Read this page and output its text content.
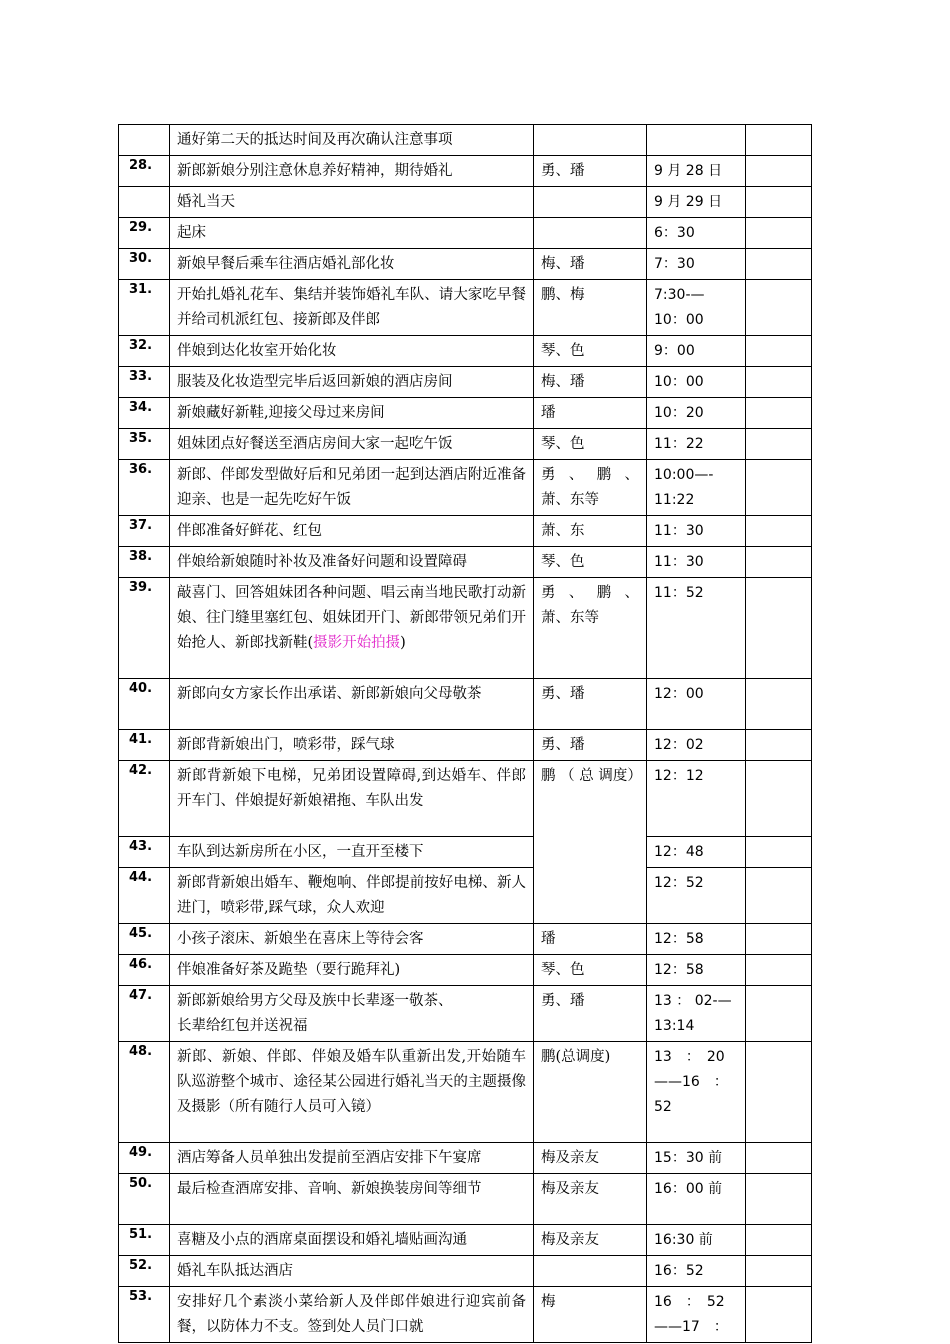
	通好第二天的抵达时间及再次确认注意事项			
28.	新郎新娘分别注意休息养好精神，期待婚礼	勇、璠	9 月 28 日	
	婚礼当天		9 月 29 日	
29.	起床		6：30	
30.	新娘早餐后乘车往酒店婚礼部化妆	梅、璠	7：30	
31.	开始扎婚礼花车、集结并装饰婚礼车队、请大家吃早餐并给司机派红包、接新郎及伴郎	鹏、梅	7:30-—
10：00	
32.	伴娘到达化妆室开始化妆	琴、色	9：00	
33.	服装及化妆造型完毕后返回新娘的酒店房间	梅、璠	10：00	
34.	新娘藏好新鞋,迎接父母过来房间	璠	10：20	
35.	姐妹团点好餐送至酒店房间大家一起吃午饭	琴、色	11：22	
36.	新郎、伴郎发型做好后和兄弟团一起到达酒店附近准备迎亲、也是一起先吃好午饭	勇 、 鹏 、萧、东等	10:00—-
11:22	
37.	伴郎准备好鲜花、红包	萧、东	11：30	
38.	伴娘给新娘随时补妆及准备好问题和设置障碍	琴、色	11：30	
39.	敲喜门、回答姐妹团各种问题、唱云南当地民歌打动新娘、往门缝里塞红包、姐妹团开门、新郎带领兄弟们开始抢人、新郎找新鞋(摄影开始拍摄)	勇 、 鹏 、萧、东等	11：52	
40.	新郎向女方家长作出承诺、新郎新娘向父母敬茶	勇、璠	12：00	
41.	新郎背新娘出门，喷彩带，踩气球	勇、璠	12：02	
42.	新郎背新娘下电梯，兄弟团设置障碍,到达婚车、伴郎开车门、伴娘提好新娘裙拖、车队出发	鹏 （ 总 调度）	12：12	
43.	车队到达新房所在小区，一直开至楼下		12：48	
44.	新郎背新娘出婚车、鞭炮响、伴郎提前按好电梯、新人进门，喷彩带,踩气球，众人欢迎		12：52	
45.	小孩子滚床、新娘坐在喜床上等待会客	璠	12：58	
46.	伴娘准备好茶及跪垫（要行跪拜礼)	琴、色	12：58	
47.	新郎新娘给男方父母及族中长辈逐一敬茶、
长辈给红包并送祝福	勇、璠	13 ： 02-—
13:14	
48.	新郎、新娘、伴郎、伴娘及婚车队重新出发,开始随车队巡游整个城市、途径某公园进行婚礼当天的主题摄像及摄影（所有随行人员可入镜）	鹏(总调度)	13　：　20
——16　：
52	
49.	酒店筹备人员单独出发提前至酒店安排下午宴席	梅及亲友	15：30 前	
50.	最后检查酒席安排、音响、新娘换装房间等细节	梅及亲友	16：00 前	
51.	喜糖及小点的酒席桌面摆设和婚礼墙贴画沟通	梅及亲友	16:30 前	
52.	婚礼车队抵达酒店		16：52	
53.	安排好几个素淡小菜给新人及伴郎伴娘进行迎宾前备餐，以防体力不支。签到处人员门口就	梅	16　：　52
——17　：	
